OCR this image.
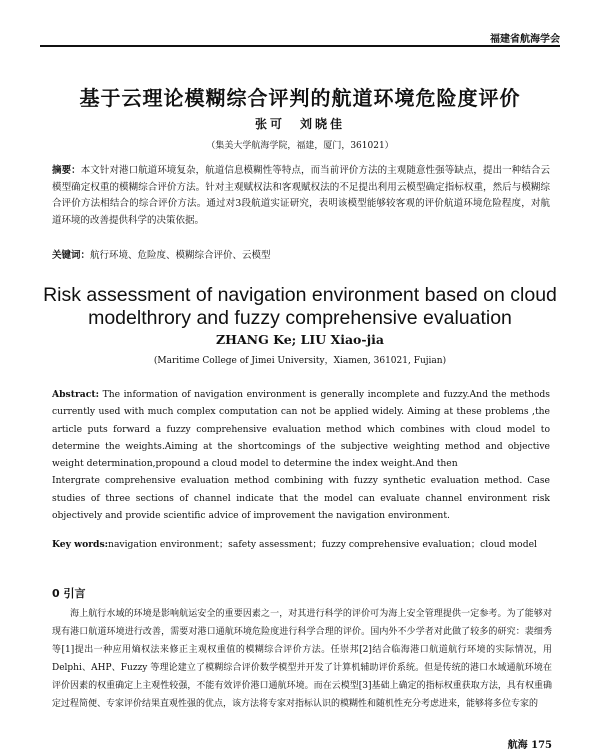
福建省航海学会
基于云理论模糊综合评判的航道环境危险度评价
张可　刘晓佳
（集美大学航海学院，福建，厦门，361021）
摘要：本文针对港口航道环境复杂，航道信息模糊性等特点，而当前评价方法的主观随意性强等缺点，提出一种结合云模型确定权重的模糊综合评价方法。针对主观赋权法和客观赋权法的不足提出利用云模型确定指标权重，然后与模糊综合评价方法相结合的综合评价方法。通过对3段航道实证研究，表明该模型能够较客观的评价航道环境危险程度，对航道环境的改善提供科学的决策依据。
关键词：航行环境、危险度、模糊综合评价、云模型
Risk assessment of navigation environment based on cloud modelthrory and fuzzy comprehensive evaluation
ZHANG Ke; LIU Xiao-jia
(Maritime College of Jimei University，Xiamen, 361021, Fujian)

Abstract: The information of navigation environment is generally incomplete and fuzzy.And the methods currently used with much complex computation can not be applied widely. Aiming at these problems ,the article puts forward a fuzzy comprehensive evaluation method which combines with cloud model to determine the weights.Aiming at the shortcomings of the subjective weighting method and objective weight determination,propound a cloud model to determine the index weight.And then

Intergrate comprehensive evaluation method combining with fuzzy synthetic evaluation method. Case studies of three sections of channel indicate that the model can evaluate channel environment risk objectively and provide scientific advice of improvement the navigation environment.

Key words:navigation environment；safety assessment；fuzzy comprehensive evaluation；cloud model
0 引言
海上航行水域的环境是影响航运安全的重要因素之一，对其进行科学的评价可为海上安全管理提供一定参考。为了能够对现有港口航道环境进行改善，需要对港口通航环境危险度进行科学合理的评价。国内外不少学者对此做了较多的研究：裴细秀等[1]提出一种应用熵权法来修正主观权重值的模糊综合评价方法。任崇邦[2]结合临海港口航道航行环境的实际情况，用 Delphi、AHP、Fuzzy 等理论建立了模糊综合评价数学模型并开发了计算机辅助评价系统。但是传统的港口水域通航环境在评价因素的权重确定上主观性较强，不能有效评价港口通航环境。而在云模型[3]基础上确定的指标权重获取方法，具有权重确定过程简便、专家评价结果直观性强的优点，该方法将专家对指标认识的模糊性和随机性充分考虑进来，能够将多位专家的
航海 175
